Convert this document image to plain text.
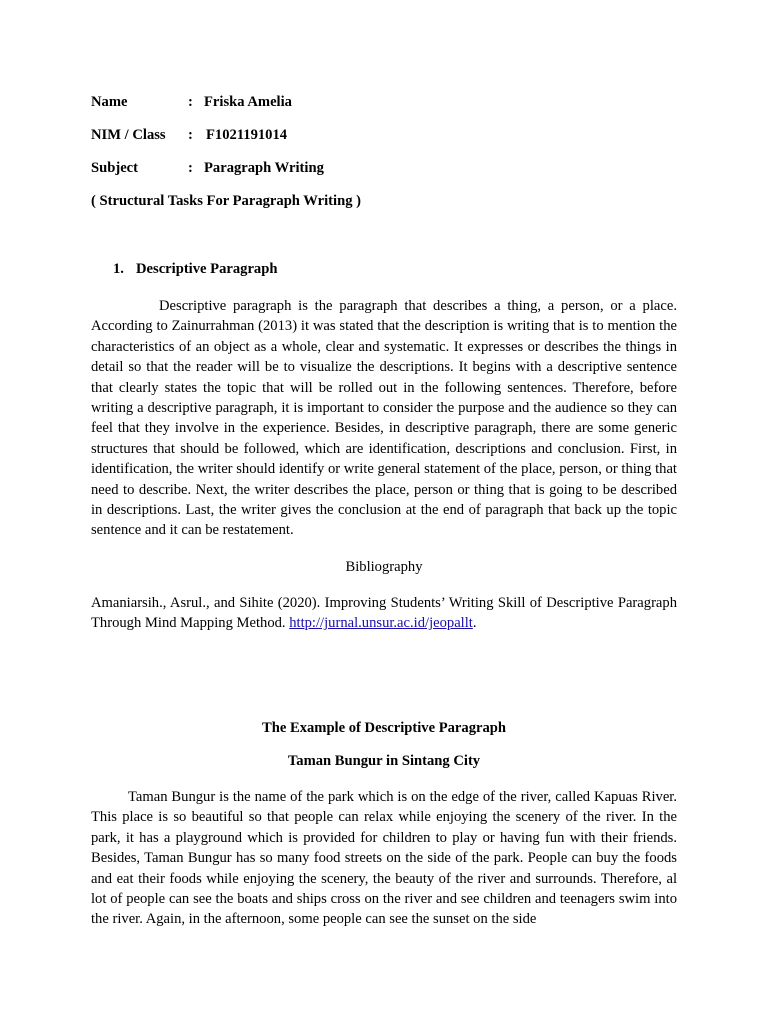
Name	: Friska Amelia
NIM / Class : F1021191014
Subject	: Paragraph Writing
( Structural Tasks For Paragraph Writing )
1. Descriptive Paragraph

Descriptive paragraph is the paragraph that describes a thing, a person, or a place. According to Zainurrahman (2013) it was stated that the description is writing that is to mention the characteristics of an object as a whole, clear and systematic. It expresses or describes the things in detail so that the reader will be to visualize the descriptions. It begins with a descriptive sentence that clearly states the topic that will be rolled out in the following sentences. Therefore, before writing a descriptive paragraph, it is important to consider the purpose and the audience so they can feel that they involve in the experience. Besides, in descriptive paragraph, there are some generic structures that should be followed, which are identification, descriptions and conclusion. First, in identification, the writer should identify or write general statement of the place, person, or thing that need to describe. Next, the writer describes the place, person or thing that is going to be described in descriptions. Last, the writer gives the conclusion at the end of paragraph that back up the topic sentence and it can be restatement.

Bibliography

Amaniarsih., Asrul., and Sihite (2020). Improving Students’ Writing Skill of Descriptive Paragraph Through Mind Mapping Method. http://jurnal.unsur.ac.id/jeopallt.

The Example of Descriptive Paragraph
Taman Bungur in Sintang City

Taman Bungur is the name of the park which is on the edge of the river, called Kapuas River. This place is so beautiful so that people can relax while enjoying the scenery of the river. In the park, it has a playground which is provided for children to play or having fun with their friends. Besides, Taman Bungur has so many food streets on the side of the park. People can buy the foods and eat their foods while enjoying the scenery, the beauty of the river and surrounds. Therefore, al lot of people can see the boats and ships cross on the river and see children and teenagers swim into the river. Again, in the afternoon, some people can see the sunset on the side
